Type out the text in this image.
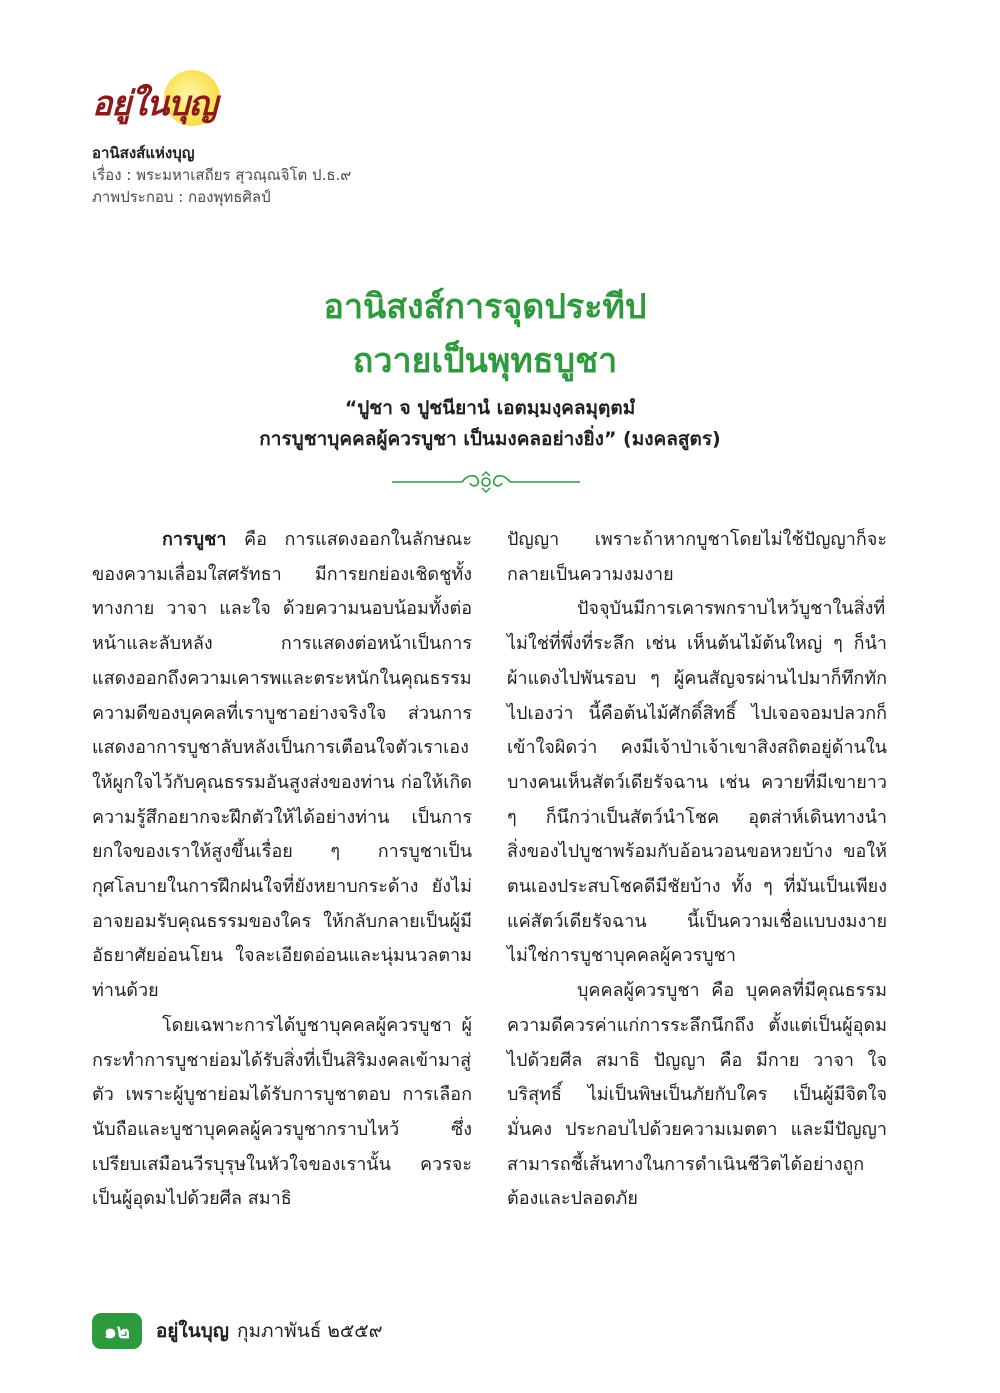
อยู่ในบุญ
อานิสงส์แห่งบุญ
เรื่อง : พระมหาเสถียร สุวณฺณจิโต ป.ธ.๙
ภาพประกอบ : กองพุทธศิลป์
อานิสงส์การจุดประทีป
ถวายเป็นพุทธบูชา
“ปูชา จ ปูชนียานํ เอตมฺมงฺคลมุตฺตมํ
การบูชาบุคคลผู้ควรบูชา เป็นมงคลอย่างยิ่ง” (มงคลสูตร)

การบูชา คือ การแสดงออกในลักษณะของความเลื่อมใสศรัทธา มีการยกย่องเชิดชูทั้งทางกาย วาจา และใจ ด้วยความนอบน้อมทั้งต่อหน้าและลับหลัง การแสดงต่อหน้าเป็นการแสดงออกถึงความเคารพและตระหนักในคุณธรรมความดีของบุคคลที่เราบูชาอย่างจริงใจ ส่วนการแสดงอาการบูชาลับหลังเป็นการเตือนใจตัวเราเอง ให้ผูกใจไว้กับคุณธรรมอันสูงส่งของท่าน ก่อให้เกิดความรู้สึกอยากจะฝึกตัวให้ได้อย่างท่าน เป็นการยกใจของเราให้สูงขึ้นเรื่อย ๆ การบูชาเป็นกุศโลบายในการฝึกฝนใจที่ยังหยาบกระด้าง ยังไม่อาจยอมรับคุณธรรมของใคร ให้กลับกลายเป็นผู้มีอัธยาศัยอ่อนโยน ใจละเอียดอ่อนและนุ่มนวลตามท่านด้วย

โดยเฉพาะการได้บูชาบุคคลผู้ควรบูชา ผู้กระทำการบูชาย่อมได้รับสิ่งที่เป็นสิริมงคลเข้ามาสู่ตัว เพราะผู้บูชาย่อมได้รับการบูชาตอบ การเลือกนับถือและบูชาบุคคลผู้ควรบูชากราบไหว้ ซึ่งเปรียบเสมือนวีรบุรุษในหัวใจของเรานั้น ควรจะเป็นผู้อุดมไปด้วยศีล สมาธิ

ปัญญา เพราะถ้าหากบูชาโดยไม่ใช้ปัญญาก็จะกลายเป็นความงมงาย

ปัจจุบันมีการเคารพกราบไหว้บูชาในสิ่งที่ไม่ใช่ที่พึ่งที่ระลึก เช่น เห็นต้นไม้ต้นใหญ่ ๆ ก็นำผ้าแดงไปพันรอบ ๆ ผู้คนสัญจรผ่านไปมาก็ทึกทักไปเองว่า นี้คือต้นไม้ศักดิ์สิทธิ์ ไปเจอจอมปลวกก็เข้าใจผิดว่า คงมีเจ้าป่าเจ้าเขาสิงสถิตอยู่ด้านใน บางคนเห็นสัตว์เดียรัจฉาน เช่น ควายที่มีเขายาว ๆ ก็นึกว่าเป็นสัตว์นำโชค อุตส่าห์เดินทางนำสิ่งของไปบูชาพร้อมกับอ้อนวอนขอหวยบ้าง ขอให้ตนเองประสบโชคดีมีชัยบ้าง ทั้ง ๆ ที่มันเป็นเพียงแค่สัตว์เดียรัจฉาน นี้เป็นความเชื่อแบบงมงาย ไม่ใช่การบูชาบุคคลผู้ควรบูชา

บุคคลผู้ควรบูชา คือ บุคคลที่มีคุณธรรมความดีควรค่าแก่การระลึกนึกถึง ตั้งแต่เป็นผู้อุดมไปด้วยศีล สมาธิ ปัญญา คือ มีกาย วาจา ใจบริสุทธิ์ ไม่เป็นพิษเป็นภัยกับใคร เป็นผู้มีจิตใจมั่นคง ประกอบไปด้วยความเมตตา และมีปัญญาสามารถชี้เส้นทางในการดำเนินชีวิตได้อย่างถูกต้องและปลอดภัย

๑๒	อยู่ในบุญ กุมภาพันธ์ ๒๕๕๙
